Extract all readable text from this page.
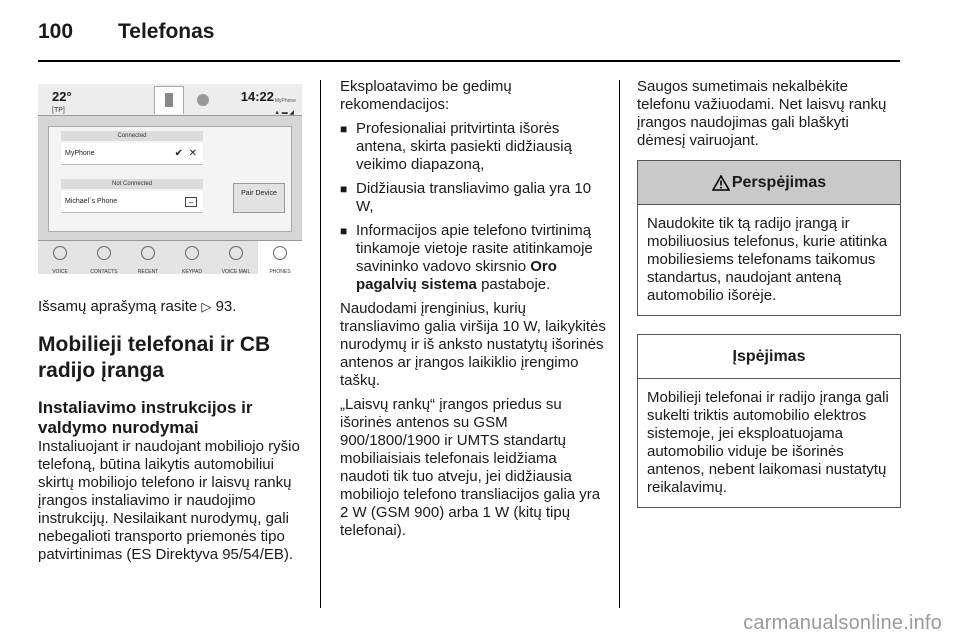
100 Telefonas
22°
[TP]
14:22 MyPhone
▲ ▬ ◢
Connected
MyPhone	✔ ✕
Not Connected
Michael´s Phone	–
Pair Device
VOICE	CONTACTS	RECENT	KEYPAD	VOICE MAIL	PHONES

Išsamų aprašymą rasite ▷ 93.

Mobilieji telefonai ir CB radijo įranga
Instaliavimo instrukcijos ir valdymo nurodymai

Instaliuojant ir naudojant mobiliojo ryšio telefoną, būtina laikytis automobiliui skirtų mobiliojo telefono ir laisvų rankų įrangos instaliavimo ir naudojimo instrukcijų. Nesilaikant nurodymų, gali nebegalioti transporto priemonės tipo patvirtinimas (ES Direktyva 95/54/EB).

Eksploatavimo be gedimų rekomendacijos:

■ Profesionaliai pritvirtinta išorės antena, skirta pasiekti didžiausią veikimo diapazoną,
■ Didžiausia transliavimo galia yra 10 W,
■ Informacijos apie telefono tvirtinimą tinkamoje vietoje rasite atitinkamoje savininko vadovo skirsnio Oro pagalvių sistema pastaboje.

Naudodami įrenginius, kurių transliavimo galia viršija 10 W, laikykitės nurodymų ir iš anksto nustatytų išorinės antenos ar įrangos laikiklio įrengimo taškų.

„Laisvų rankų“ įrangos priedus su išorinės antenos su GSM 900/1800/1900 ir UMTS standartų mobiliaisiais telefonais leidžiama naudoti tik tuo atveju, jei didžiausia mobiliojo telefono transliacijos galia yra 2 W (GSM 900) arba 1 W (kitų tipų telefonai).

Saugos sumetimais nekalbėkite telefonu važiuodami. Net laisvų rankų įrangos naudojimas gali blaškyti dėmesį vairuojant.

Perspėjimas
Naudokite tik tą radijo įrangą ir mobiliuosius telefonus, kurie atitinka mobiliesiems telefonams taikomus standartus, naudojant anteną automobilio išorėje.
Įspėjimas
Mobilieji telefonai ir radijo įranga gali sukelti triktis automobilio elektros sistemoje, jei eksploatuojama automobilio viduje be išorinės antenos, nebent laikomasi nustatytų reikalavimų.
carmanualsonline.info
